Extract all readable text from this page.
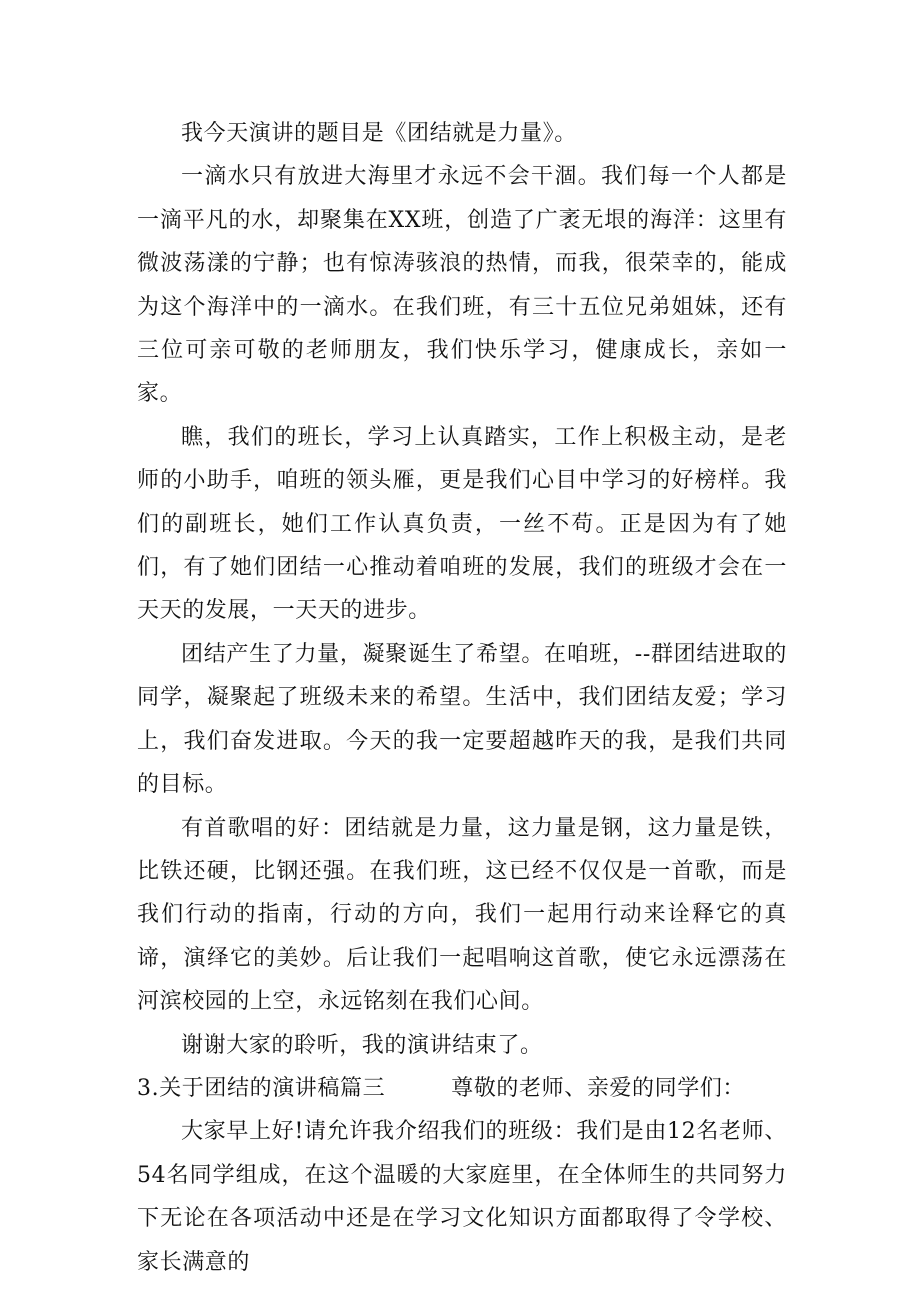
我今天演讲的题目是《团结就是力量》。

一滴水只有放进大海里才永远不会干涸。我们每一个人都是一滴平凡的水，却聚集在XX班，创造了广袤无垠的海洋：这里有微波荡漾的宁静；也有惊涛骇浪的热情，而我，很荣幸的，能成为这个海洋中的一滴水。在我们班，有三十五位兄弟姐妹，还有三位可亲可敬的老师朋友，我们快乐学习，健康成长，亲如一家。

瞧，我们的班长，学习上认真踏实，工作上积极主动，是老师的小助手，咱班的领头雁，更是我们心目中学习的好榜样。我们的副班长，她们工作认真负责，一丝不苟。正是因为有了她们，有了她们团结一心推动着咱班的发展，我们的班级才会在一天天的发展，一天天的进步。

团结产生了力量，凝聚诞生了希望。在咱班，--群团结进取的同学，凝聚起了班级未来的希望。生活中，我们团结友爱；学习上，我们奋发进取。今天的我一定要超越昨天的我，是我们共同的目标。

有首歌唱的好：团结就是力量，这力量是钢，这力量是铁，比铁还硬，比钢还强。在我们班，这已经不仅仅是一首歌，而是我们行动的指南，行动的方向，我们一起用行动来诠释它的真谛，演绎它的美妙。后让我们一起唱响这首歌，使它永远漂荡在河滨校园的上空，永远铭刻在我们心间。

谢谢大家的聆听，我的演讲结束了。

3.关于团结的演讲稿篇三	尊敬的老师、亲爱的同学们：

大家早上好!请允许我介绍我们的班级：我们是由12名老师、54名同学组成，在这个温暖的大家庭里，在全体师生的共同努力下无论在各项活动中还是在学习文化知识方面都取得了令学校、家长满意的
